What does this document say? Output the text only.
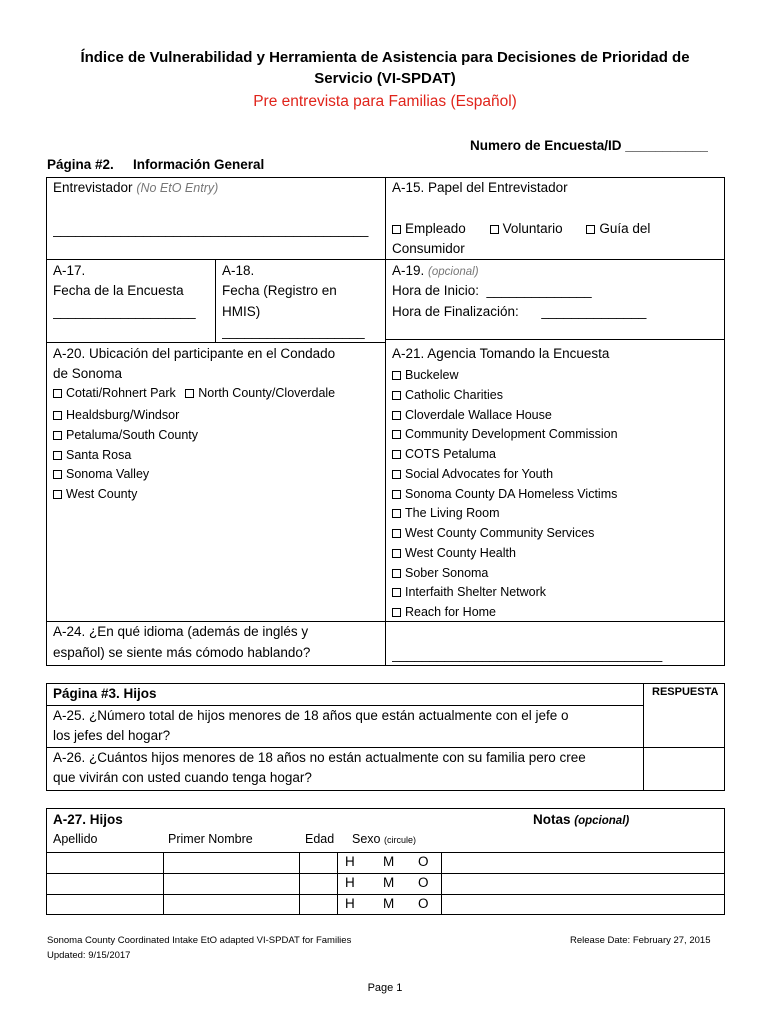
Índice de Vulnerabilidad y Herramienta de Asistencia para Decisiones de Prioridad de
Servicio (VI-SPDAT)
Pre entrevista para Familias (Español)
Numero de Encuesta/ID ___________
Página #2. Información General
Entrevistador (No EtO Entry)
__________________________________________
A-15. Papel del Entrevistador
Empleado	Voluntario	Guía del
Consumidor
A-17.
Fecha de la Encuesta
___________________
A-18.
Fecha (Registro en
HMIS)
___________________
A-19. (opcional)
Hora de Inicio:  ______________
Hora de Finalización:      ______________
A-20. Ubicación del participante en el Condado
de Sonoma
Cotati/Rohnert Park North County/Cloverdale
Healdsburg/Windsor
Petaluma/South County
Santa Rosa
Sonoma Valley
West County
A-21. Agencia Tomando la Encuesta
Buckelew
Catholic Charities
Cloverdale Wallace House
Community Development Commission
COTS Petaluma
Social Advocates for Youth
Sonoma County DA Homeless Victims
The Living Room
West County Community Services
West County Health
Sober Sonoma
Interfaith Shelter Network
Reach for Home
A-24. ¿En qué idioma (además de inglés y
español) se siente más cómodo hablando?	____________________________________
Página #3. Hijos	RESPUESTA
A-25. ¿Número total de hijos menores de 18 años que están actualmente con el jefe o
los jefes del hogar?
A-26. ¿Cuántos hijos menores de 18 años no están actualmente con su familia pero cree
que vivirán con usted cuando tenga hogar?
A-27. Hijos	Notas (opcional)
Apellido	Primer Nombre	Edad Sexo (circule)
H M O
H M O
H M O
Sonoma County Coordinated Intake EtO adapted VI-SPDAT for Families
Updated: 9/15/2017
Release Date: February 27, 2015
Page 1
